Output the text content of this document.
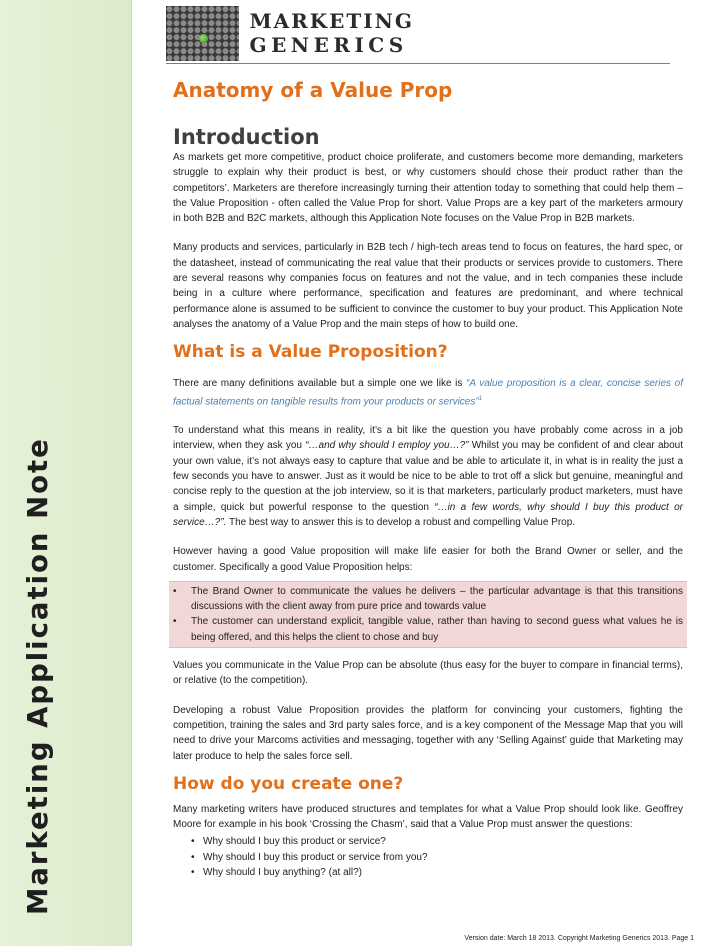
Marketing Application Note
MARKETING
GENERICS
Anatomy of a Value Prop
Introduction

As markets get more competitive, product choice proliferate, and customers become more demanding, marketers struggle to explain why their product is best, or why customers should chose their product rather than the competitors’. Marketers are therefore increasingly turning their attention today to something that could help them – the Value Proposition - often called the Value Prop for short. Value Props are a key part of the marketers armoury in both B2B and B2C markets, although this Application Note focuses on the Value Prop in B2B markets.

Many products and services, particularly in B2B tech / high-tech areas tend to focus on features, the hard spec, or the datasheet, instead of communicating the real value that their products or services provide to customers. There are several reasons why companies focus on features and not the value, and in tech companies these include being in a culture where performance, specification and features are predominant, and where technical performance alone is assumed to be sufficient to convince the customer to buy your product. This Application Note analyses the anatomy of a Value Prop and the main steps of how to build one.

What is a Value Proposition?

There are many definitions available but a simple one we like is “A value proposition is a clear, concise series of factual statements on tangible results from your products or services”$^1$

To understand what this means in reality, it’s a bit like the question you have probably come across in a job interview, when they ask you “…and why should I employ you…?” Whilst you may be confident of and clear about your own value, it’s not always easy to capture that value and be able to articulate it, in what is in reality the just a few seconds you have to answer. Just as it would be nice to be able to trot off a slick but genuine, meaningful and concise reply to the question at the job interview, so it is that marketers, particularly product marketers, must have a simple, quick but powerful response to the question “…in a few words, why should I buy this product or service…?”. The best way to answer this is to develop a robust and compelling Value Prop.

However having a good Value proposition will make life easier for both the Brand Owner or seller, and the customer. Specifically a good Value Proposition helps:

•	The Brand Owner to communicate the values he delivers – the particular advantage is that this transitions discussions with the client away from pure price and towards value
•	The customer can understand explicit, tangible value, rather than having to second guess what values he is being offered, and this helps the client to chose and buy

Values you communicate in the Value Prop can be absolute (thus easy for the buyer to compare in financial terms), or relative (to the competition).

Developing a robust Value Proposition provides the platform for convincing your customers, fighting the competition, training the sales and 3rd party sales force, and is a key component of the Message Map that you will need to drive your Marcoms activities and messaging, together with any ‘Selling Against’ guide that Marketing may later produce to help the sales force sell.

How do you create one?

Many marketing writers have produced structures and templates for what a Value Prop should look like. Geoffrey Moore for example in his book ‘Crossing the Chasm’, said that a Value Prop must answer the questions:

• Why should I buy this product or service?
• Why should I buy this product or service from you?
• Why should I buy anything? (at all?)
Version date: March 18 2013. Copyright Marketing Generics 2013. Page 1
